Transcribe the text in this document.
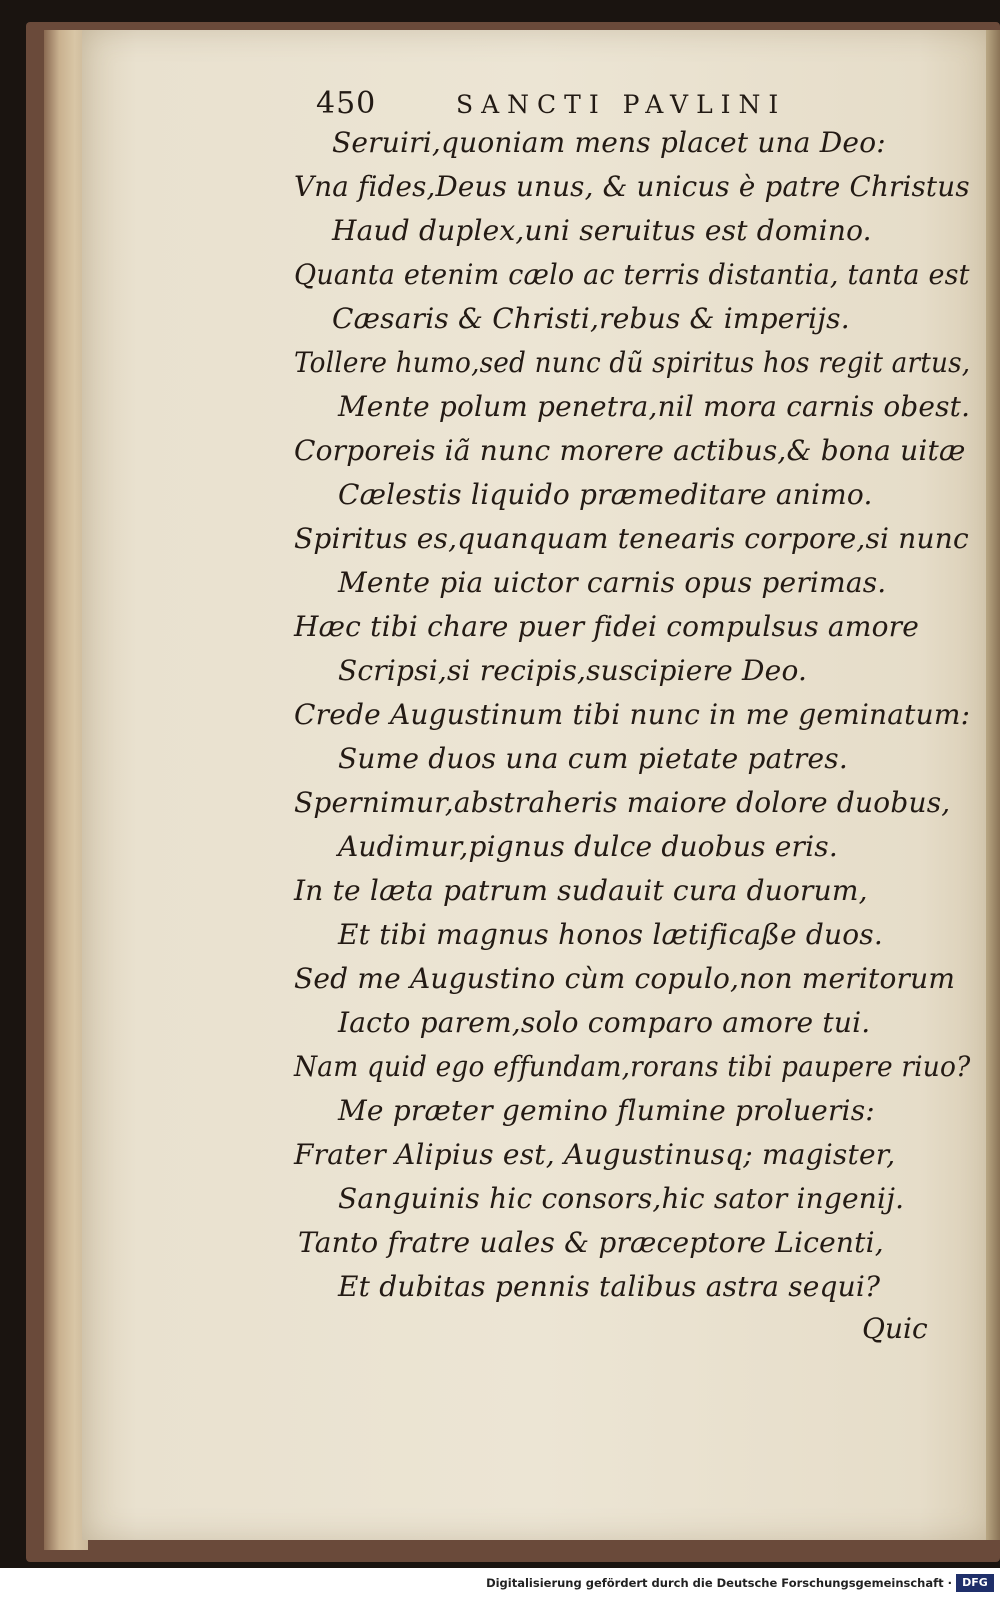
450	SANCTI PAVLINI
Seruiri,quoniam mens placet una Deo:
Vna fides,Deus unus, & unicus è patre Christus
Haud duplex,uni seruitus est domino.
Quanta etenim cælo ac terris distantia, tanta est
Cæsaris & Christi,rebus & imperijs.
Tollere humo,sed nunc dũ spiritus hos regit artus,
Mente polum penetra,nil mora carnis obest.
Corporeis iã nunc morere actibus,& bona uitæ
Cælestis liquido præmeditare animo.
Spiritus es,quanquam tenearis corpore,si nunc
Mente pia uictor carnis opus perimas.
Hæc tibi chare puer fidei compulsus amore
Scripsi,si recipis,suscipiere Deo.
Crede Augustinum tibi nunc in me geminatum:
Sume duos una cum pietate patres.
Spernimur,abstraheris maiore dolore duobus,
Audimur,pignus dulce duobus eris.
In te læta patrum sudauit cura duorum,
Et tibi magnus honos lætificaße duos.
Sed me Augustino cùm copulo,non meritorum
Iacto parem,solo comparo amore tui.
Nam quid ego effundam,rorans tibi paupere riuo?
Me præter gemino flumine prolueris:
Frater Alipius est, Augustinusq; magister,
Sanguinis hic consors,hic sator ingenij.
Tanto fratre uales & præceptore Licenti,
Et dubitas pennis talibus astra sequi?
Quic
Digitalisierung gefördert durch die Deutsche Forschungsgemeinschaft · DFG
